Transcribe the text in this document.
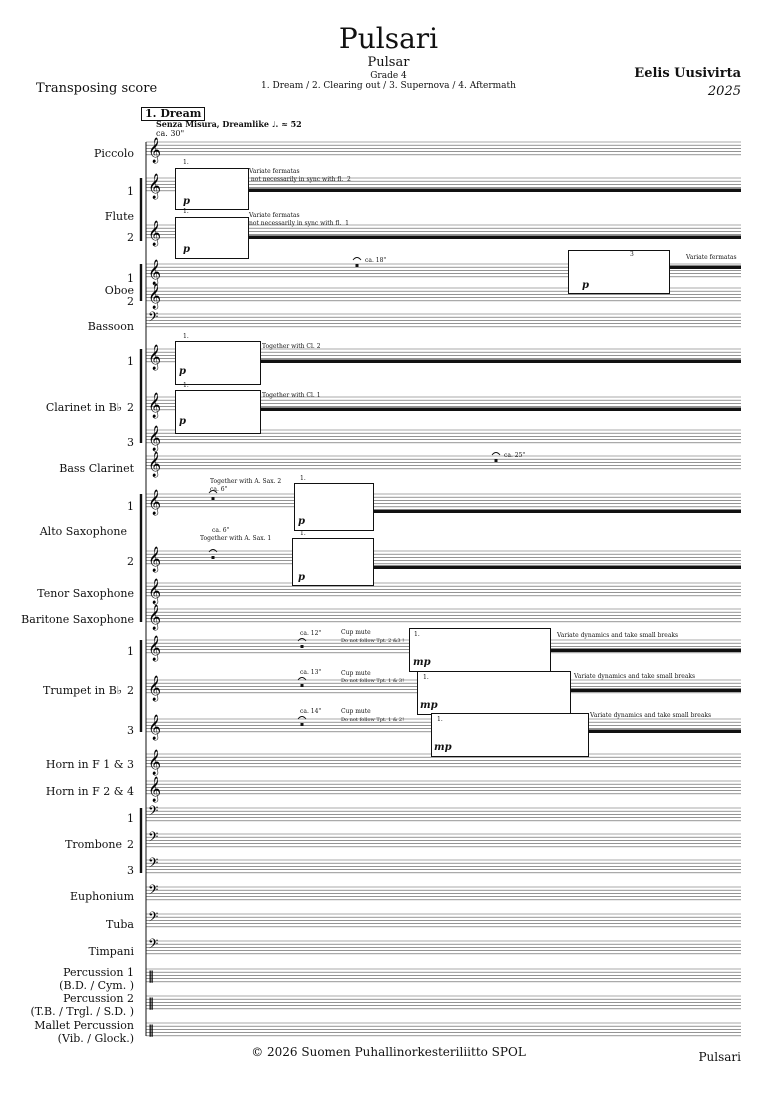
𝄞
𝄞
𝄞
𝄞
𝄞
𝄢
𝄞
𝄞
𝄞
𝄞
𝄞
𝄞
𝄞
𝄞
𝄞
𝄞
𝄞
𝄞
𝄞
𝄢
𝄢
𝄢
𝄢
𝄢
𝄢
‖
‖
‖
Pulsari
Pulsar
Grade 4
1. Dream / 2. Clearing out / 3. Supernova / 4. Aftermath
Eelis Uusivirta
2025
Transposing score
1. Dream
Senza Misura, Dreamlike ♩. ≈ 52
ca. 30"
Piccolo
1
Flute
2
1
Oboe
2
Bassoon
1
Clarinet in B♭ 2
3
Bass Clarinet
1
Alto Saxophone
2
Tenor Saxophone
Baritone Saxophone
1
Trumpet in B♭ 2
3
Horn in F 1 & 3
Horn in F 2 & 4
1
Trombone 2
3
Euphonium
Tuba
Timpani
Percussion 1
(B.D. / Cym. )
Percussion 2
(T.B. / Trgl. / S.D. )
Mallet Percussion
(Vib. / Glock.)
1.
p
Variate fermatas
not necessarily in sync with fl.  2
1.
p
Variate fermatas
not necessarily in sync with fl.  1
ca. 18"
p
3	Variate fermatas
1.
p
Together with Cl. 2
1.
p
Together with Cl. 1
ca. 25"
Together with A. Sax. 2
ca. 6"
1.
p
ca. 6"
Together with A. Sax. 1
1.
p
ca. 12"	Cup mute
Do not follow Tpt. 2 &3 !
1.
mp
Variate dynamics and take small breaks
ca. 13"	Cup mute
Do not follow Tpt. 1 & 3!	1.
mp
Variate dynamics and take small breaks
ca. 14"	Cup mute
Do not follow Tpt. 1 & 2!	1.
mp
Variate dynamics and take small breaks
© 2026 Suomen Puhallinorkesteriliitto SPOL	Pulsari
